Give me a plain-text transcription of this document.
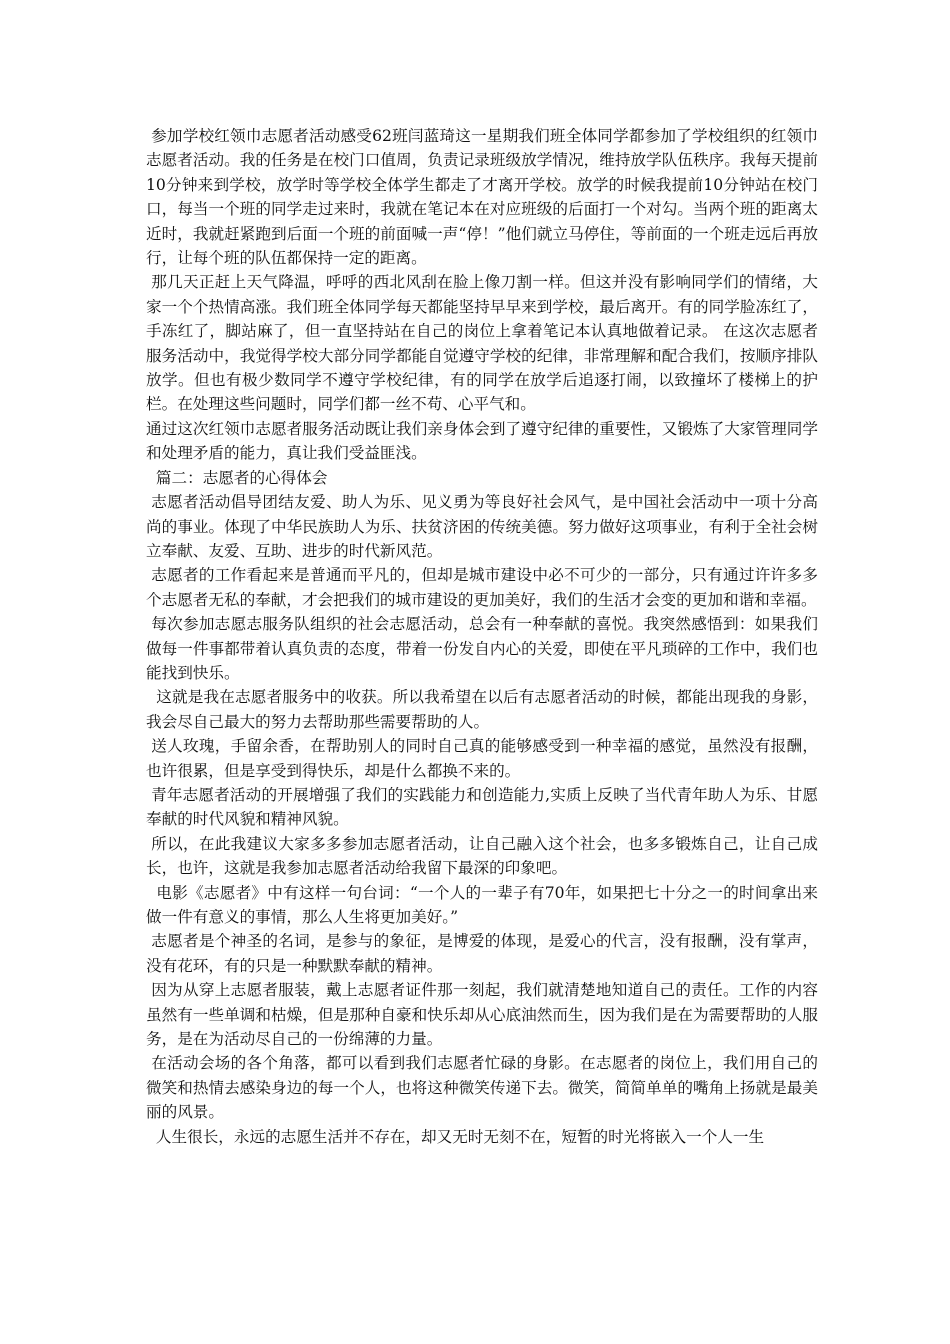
参加学校红领巾志愿者活动感受62班闫蓝琦这一星期我们班全体同学都参加了学校组织的红领巾志愿者活动。我的任务是在校门口值周，负责记录班级放学情况，维持放学队伍秩序。我每天提前10分钟来到学校，放学时等学校全体学生都走了才离开学校。放学的时候我提前10分钟站在校门口，每当一个班的同学走过来时，我就在笔记本在对应班级的后面打一个对勾。当两个班的距离太近时，我就赶紧跑到后面一个班的前面喊一声“停！”他们就立马停住，等前面的一个班走远后再放行，让每个班的队伍都保持一定的距离。

那几天正赶上天气降温，呼呼的西北风刮在脸上像刀割一样。但这并没有影响同学们的情绪，大家一个个热情高涨。我们班全体同学每天都能坚持早早来到学校，最后离开。有的同学脸冻红了，手冻红了，脚站麻了，但一直坚持站在自己的岗位上拿着笔记本认真地做着记录。 在这次志愿者服务活动中，我觉得学校大部分同学都能自觉遵守学校的纪律，非常理解和配合我们，按顺序排队放学。但也有极少数同学不遵守学校纪律，有的同学在放学后追逐打闹，以致撞坏了楼梯上的护栏。在处理这些问题时，同学们都一丝不苟、心平气和。

通过这次红领巾志愿者服务活动既让我们亲身体会到了遵守纪律的重要性，又锻炼了大家管理同学和处理矛盾的能力，真让我们受益匪浅。

篇二：志愿者的心得体会

志愿者活动倡导团结友爱、助人为乐、见义勇为等良好社会风气，是中国社会活动中一项十分高尚的事业。体现了中华民族助人为乐、扶贫济困的传统美德。努力做好这项事业，有利于全社会树立奉献、友爱、互助、进步的时代新风范。

志愿者的工作看起来是普通而平凡的，但却是城市建设中必不可少的一部分，只有通过许许多多个志愿者无私的奉献，才会把我们的城市建设的更加美好，我们的生活才会变的更加和谐和幸福。

每次参加志愿志服务队组织的社会志愿活动，总会有一种奉献的喜悦。我突然感悟到：如果我们做每一件事都带着认真负责的态度，带着一份发自内心的关爱，即使在平凡琐碎的工作中，我们也能找到快乐。

这就是我在志愿者服务中的收获。所以我希望在以后有志愿者活动的时候，都能出现我的身影，我会尽自己最大的努力去帮助那些需要帮助的人。

送人玫瑰，手留余香，在帮助别人的同时自己真的能够感受到一种幸福的感觉，虽然没有报酬，也许很累，但是享受到得快乐，却是什么都换不来的。

青年志愿者活动的开展增强了我们的实践能力和创造能力,实质上反映了当代青年助人为乐、甘愿奉献的时代风貌和精神风貌。

所以，在此我建议大家多多参加志愿者活动，让自己融入这个社会，也多多锻炼自己，让自己成长，也许，这就是我参加志愿者活动给我留下最深的印象吧。

电影《志愿者》中有这样一句台词：“一个人的一辈子有70年，如果把七十分之一的时间拿出来做一件有意义的事情，那么人生将更加美好。”

志愿者是个神圣的名词，是参与的象征，是博爱的体现，是爱心的代言，没有报酬，没有掌声，没有花环，有的只是一种默默奉献的精神。

因为从穿上志愿者服装，戴上志愿者证件那一刻起，我们就清楚地知道自己的责任。工作的内容虽然有一些单调和枯燥，但是那种自豪和快乐却从心底油然而生，因为我们是在为需要帮助的人服务，是在为活动尽自己的一份绵薄的力量。

在活动会场的各个角落，都可以看到我们志愿者忙碌的身影。在志愿者的岗位上，我们用自己的微笑和热情去感染身边的每一个人，也将这种微笑传递下去。微笑，简简单单的嘴角上扬就是最美丽的风景。

人生很长，永远的志愿生活并不存在，却又无时无刻不在，短暂的时光将嵌入一个人一生
